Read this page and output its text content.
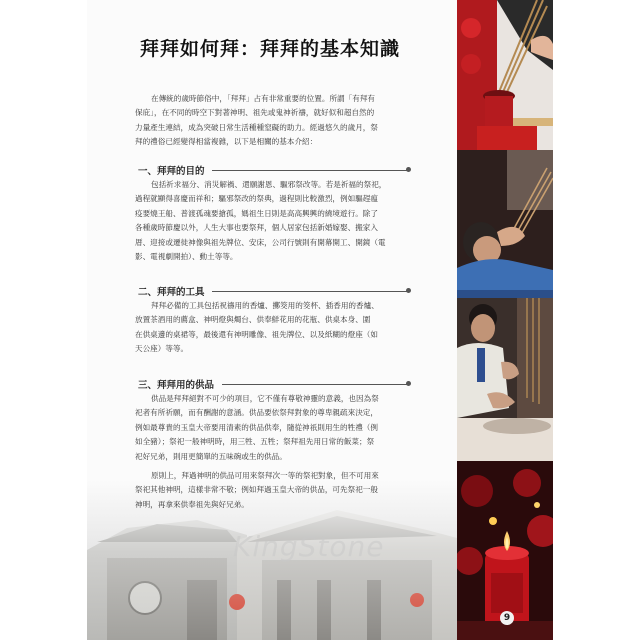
拜拜如何拜：拜拜的基本知識
在傳統的歲時節俗中，「拜拜」占有非常重要的位置。所謂「有拜有
保庇」，在不同的時空下對著神明、祖先或鬼神祈禱，就好似和超自然的
力量產生連結，成為突破日常生活種種窒礙的助力。經過悠久的歲月，祭
拜的禮俗已經變得相當複雜，以下是相關的基本介紹：
一、拜拜的目的
包括祈求福分、消災解禍、還願謝恩、驅邪祭改等。若是祈福的祭祀，
過程就顯得喜慶而祥和；驅邪祭改的祭典，過程則比較激烈，例如驅趕瘟
疫要燒王船、普渡孤魂要搶孤，媽祖生日則是高高興興的繞境遊行。除了
各種歲時節慶以外，人生大事也要祭拜，個人居家包括新婚嫁娶、搬家入
厝、迎接或遷徙神像與祖先牌位、安床，公司行號則有開幕開工、開鏡（電
影、電視劇開拍）、動土等等。
二、拜拜的工具
拜拜必備的工具包括祝禱用的香爐、擲筊用的筊杯、插香用的香爐、
放置茶酒用的薦盒、神明燈與燭台、供奉鮮花用的花瓶、供桌本身、圍
在供桌邊的桌裙等，最後還有神明雕像、祖先牌位、以及紙糊的燈座（如
天公座）等等。
三、拜拜用的供品
供品是拜拜絕對不可少的項目，它不僅有尊敬神靈的意義，也因為祭
祀者有所祈願，而有酬謝的意涵。供品要依祭拜對象的尊卑親疏來決定，
例如最尊貴的玉皇大帝要用清素的供品供奉，隨從神祇則用生的牲禮（例
如全豬）；祭祀一般神明時，用三牲、五牲；祭拜祖先用日常的飯菜；祭
祀好兄弟，則用更簡單的五味碗或生的供品。
原則上，拜過神明的供品可用來祭拜次一等的祭祀對象，但不可用來
祭祀其他神明，這樣非常不敬；例如拜過玉皇大帝的供品，可先祭祀一般
神明，再拿來供奉祖先與好兄弟。
KingStone
9
